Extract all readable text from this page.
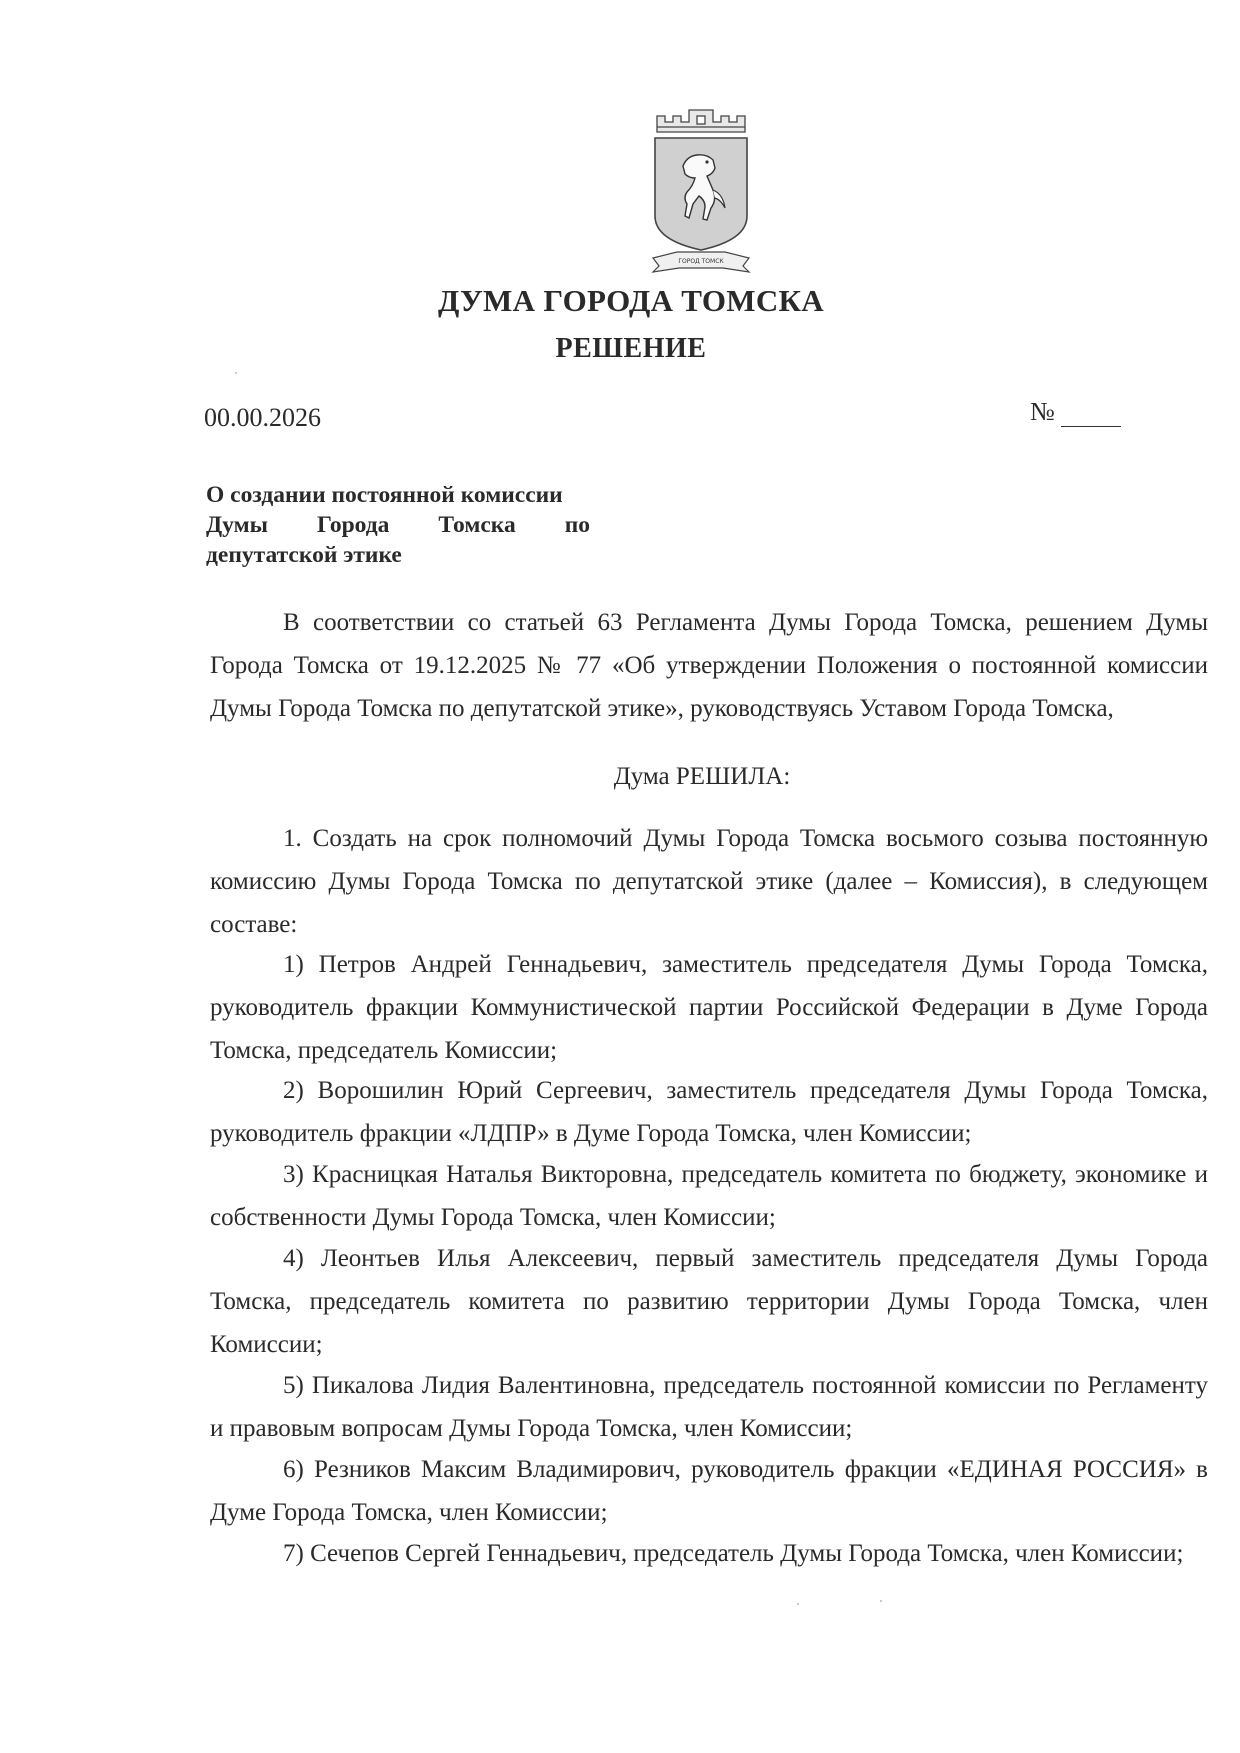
ГОРОД ТОМСК
ДУМА ГОРОДА ТОМСКА
РЕШЕНИЕ
00.00.2026	№
О создании постоянной комиссии
Думы Города Томска по
депутатской этике

В соответствии со статьей 63 Регламента Думы Города Томска, решением Думы Города Томска от 19.12.2025 № 77 «Об утверждении Положения о постоянной комиссии Думы Города Томска по депутатской этике», руководствуясь Уставом Города Томска,

Дума РЕШИЛА:

1. Создать на срок полномочий Думы Города Томска восьмого созыва постоянную комиссию Думы Города Томска по депутатской этике (далее – Комиссия), в следующем составе:

1) Петров Андрей Геннадьевич, заместитель председателя Думы Города Томска, руководитель фракции Коммунистической партии Российской Федерации в Думе Города Томска, председатель Комиссии;

2) Ворошилин Юрий Сергеевич, заместитель председателя Думы Города Томска, руководитель фракции «ЛДПР» в Думе Города Томска, член Комиссии;

3) Красницкая Наталья Викторовна, председатель комитета по бюджету, экономике и собственности Думы Города Томска, член Комиссии;

4) Леонтьев Илья Алексеевич, первый заместитель председателя Думы Города Томска, председатель комитета по развитию территории Думы Города Томска, член Комиссии;

5) Пикалова Лидия Валентиновна, председатель постоянной комиссии по Регламенту и правовым вопросам Думы Города Томска, член Комиссии;

6) Резников Максим Владимирович, руководитель фракции «ЕДИНАЯ РОССИЯ» в Думе Города Томска, член Комиссии;

7) Сечепов Сергей Геннадьевич, председатель Думы Города Томска, член Комиссии;
